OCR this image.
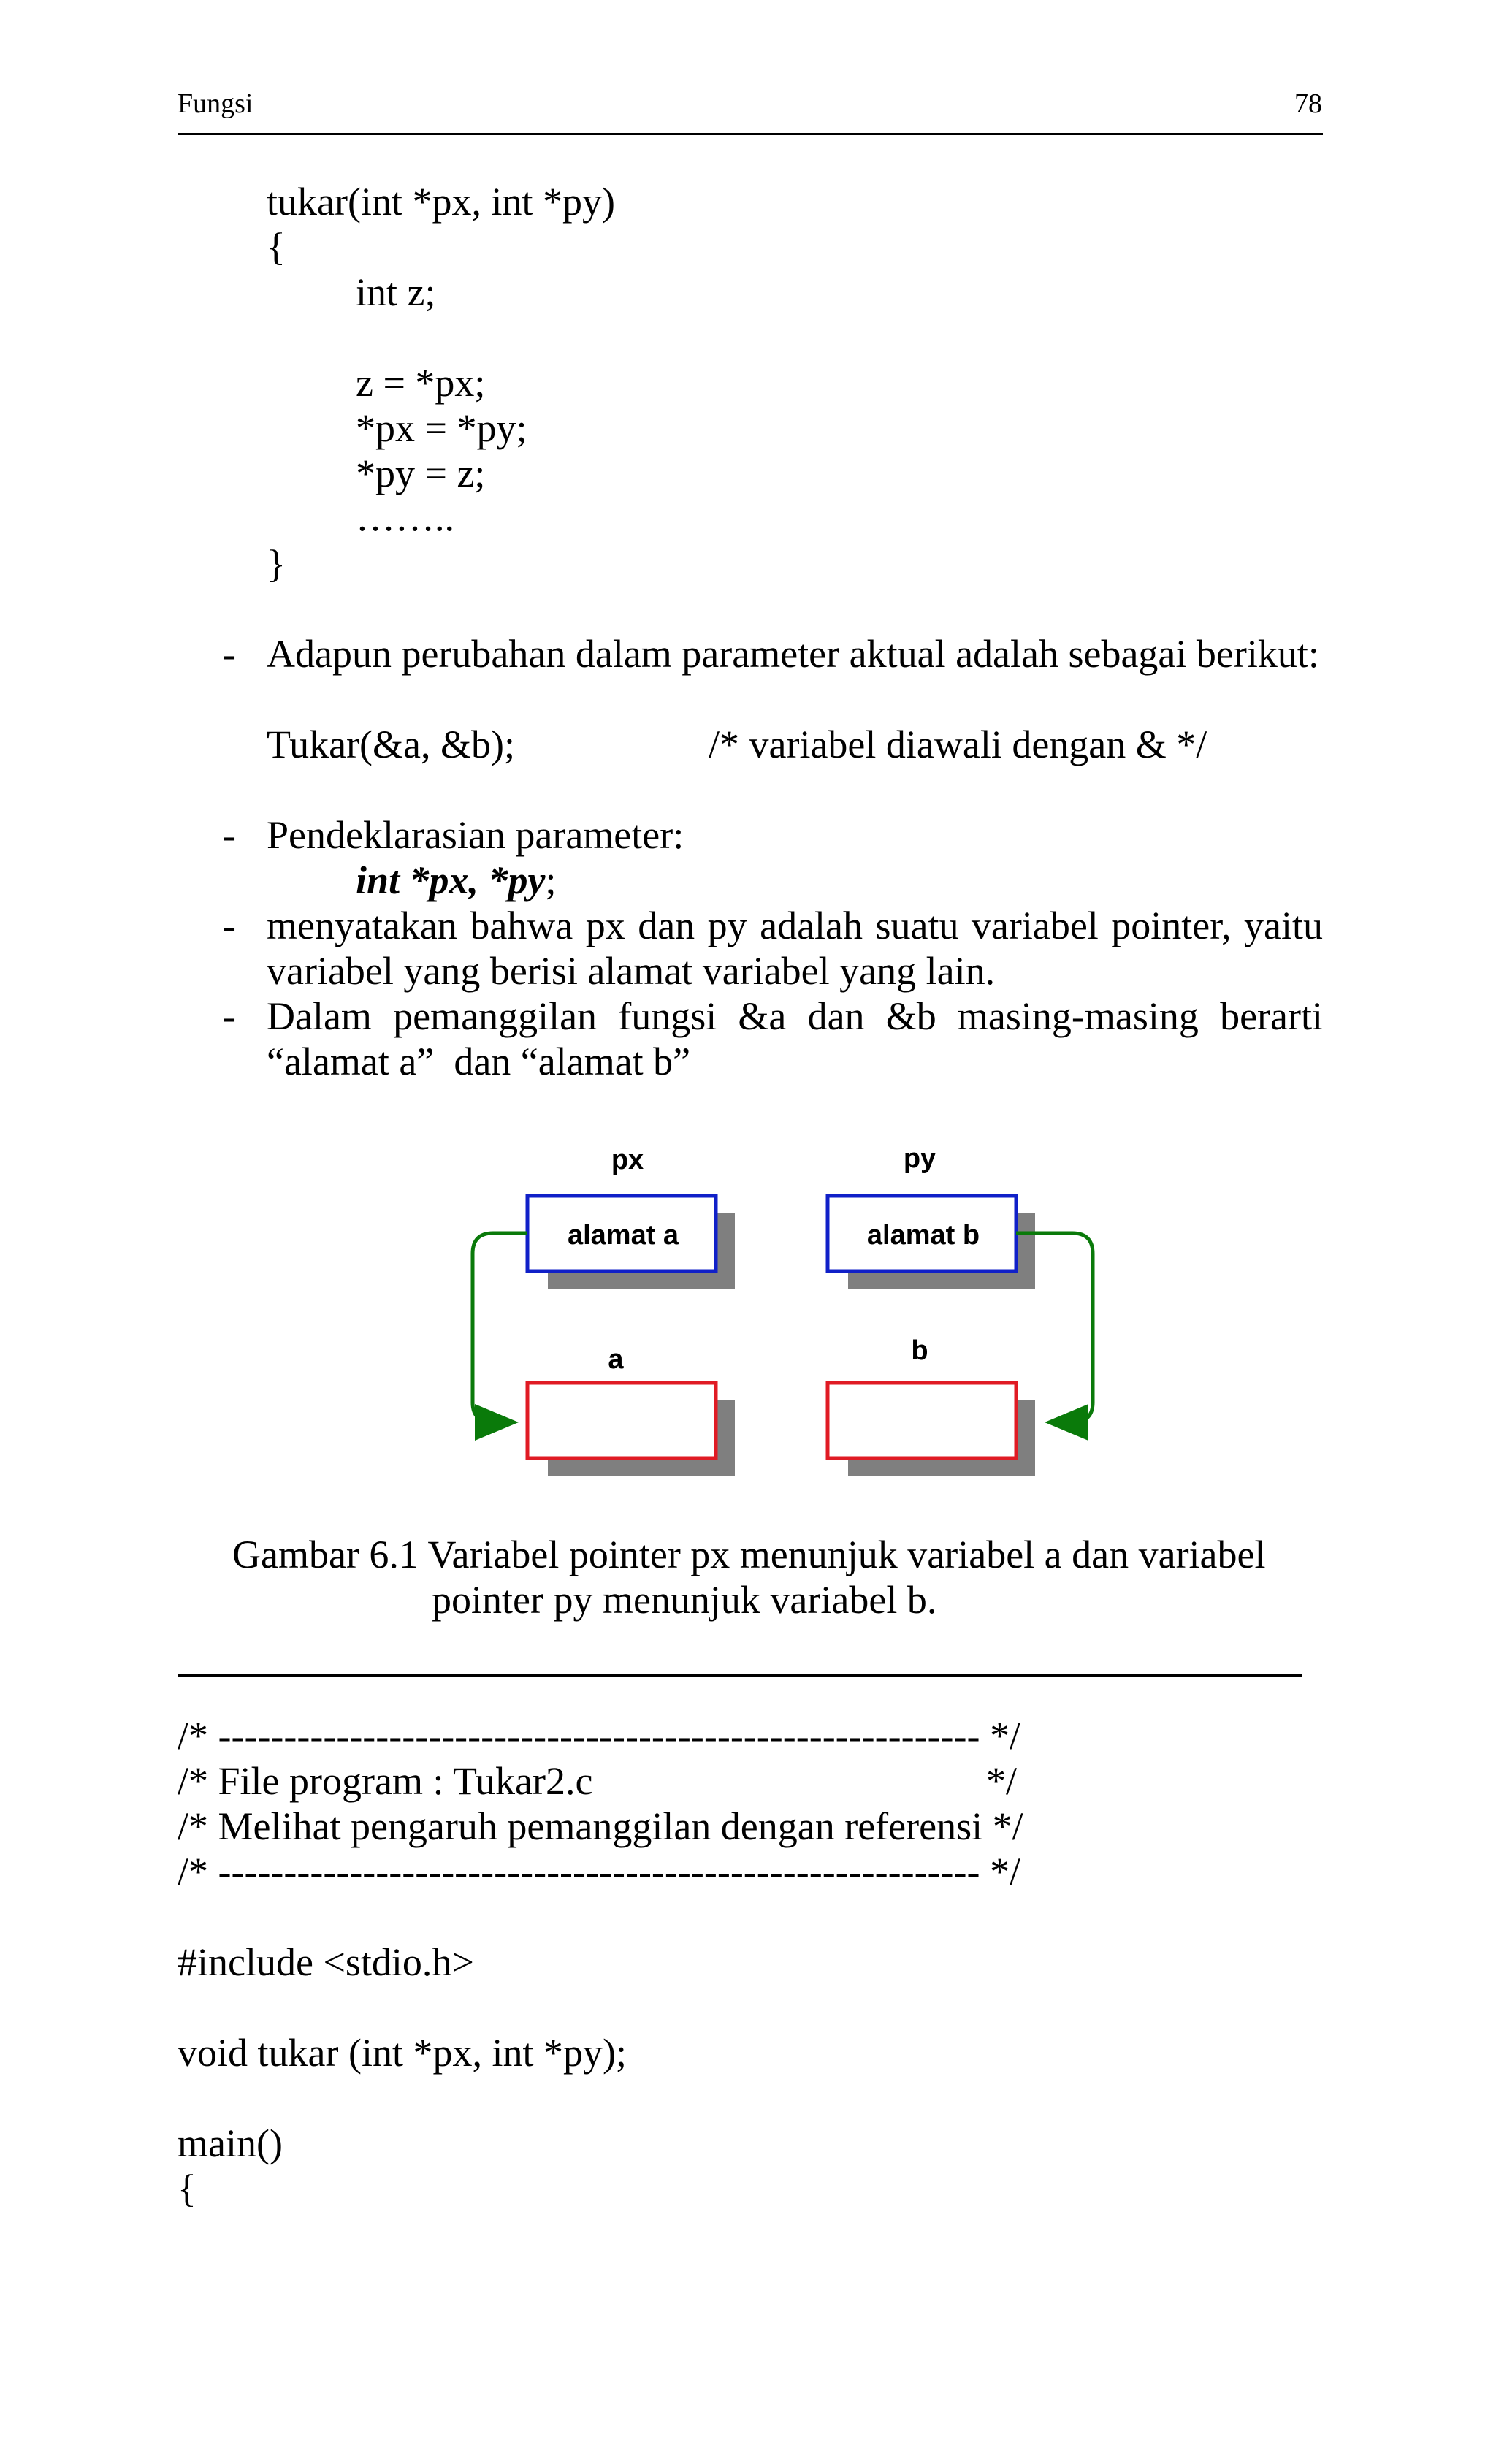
Fungsi	78
tukar(int *px, int *py)
{
int z;
z = *px;
*px = *py;
*py = z;
……..
}
- Adapun perubahan dalam parameter aktual adalah sebagai berikut:
Tukar(&a, &b);	/* variabel diawali dengan & */
- Pendeklarasian parameter:
int *px, *py;
- menyatakan bahwa px dan py adalah suatu variabel pointer, yaitu
variabel yang berisi alamat variabel yang lain.
- Dalam pemanggilan fungsi &a dan &b masing-masing berarti
“alamat a”  dan “alamat b”
px	py
alamat a	alamat b
a	b
Gambar 6.1 Variabel pointer px menunjuk variabel a dan variabel
pointer py menunjuk variabel b.
/* ---------------------------------------------------------- */
/* File program : Tukar2.c	*/
/* Melihat pengaruh pemanggilan dengan referensi */
/* ---------------------------------------------------------- */
#include <stdio.h>
void tukar (int *px, int *py);
main()
{
